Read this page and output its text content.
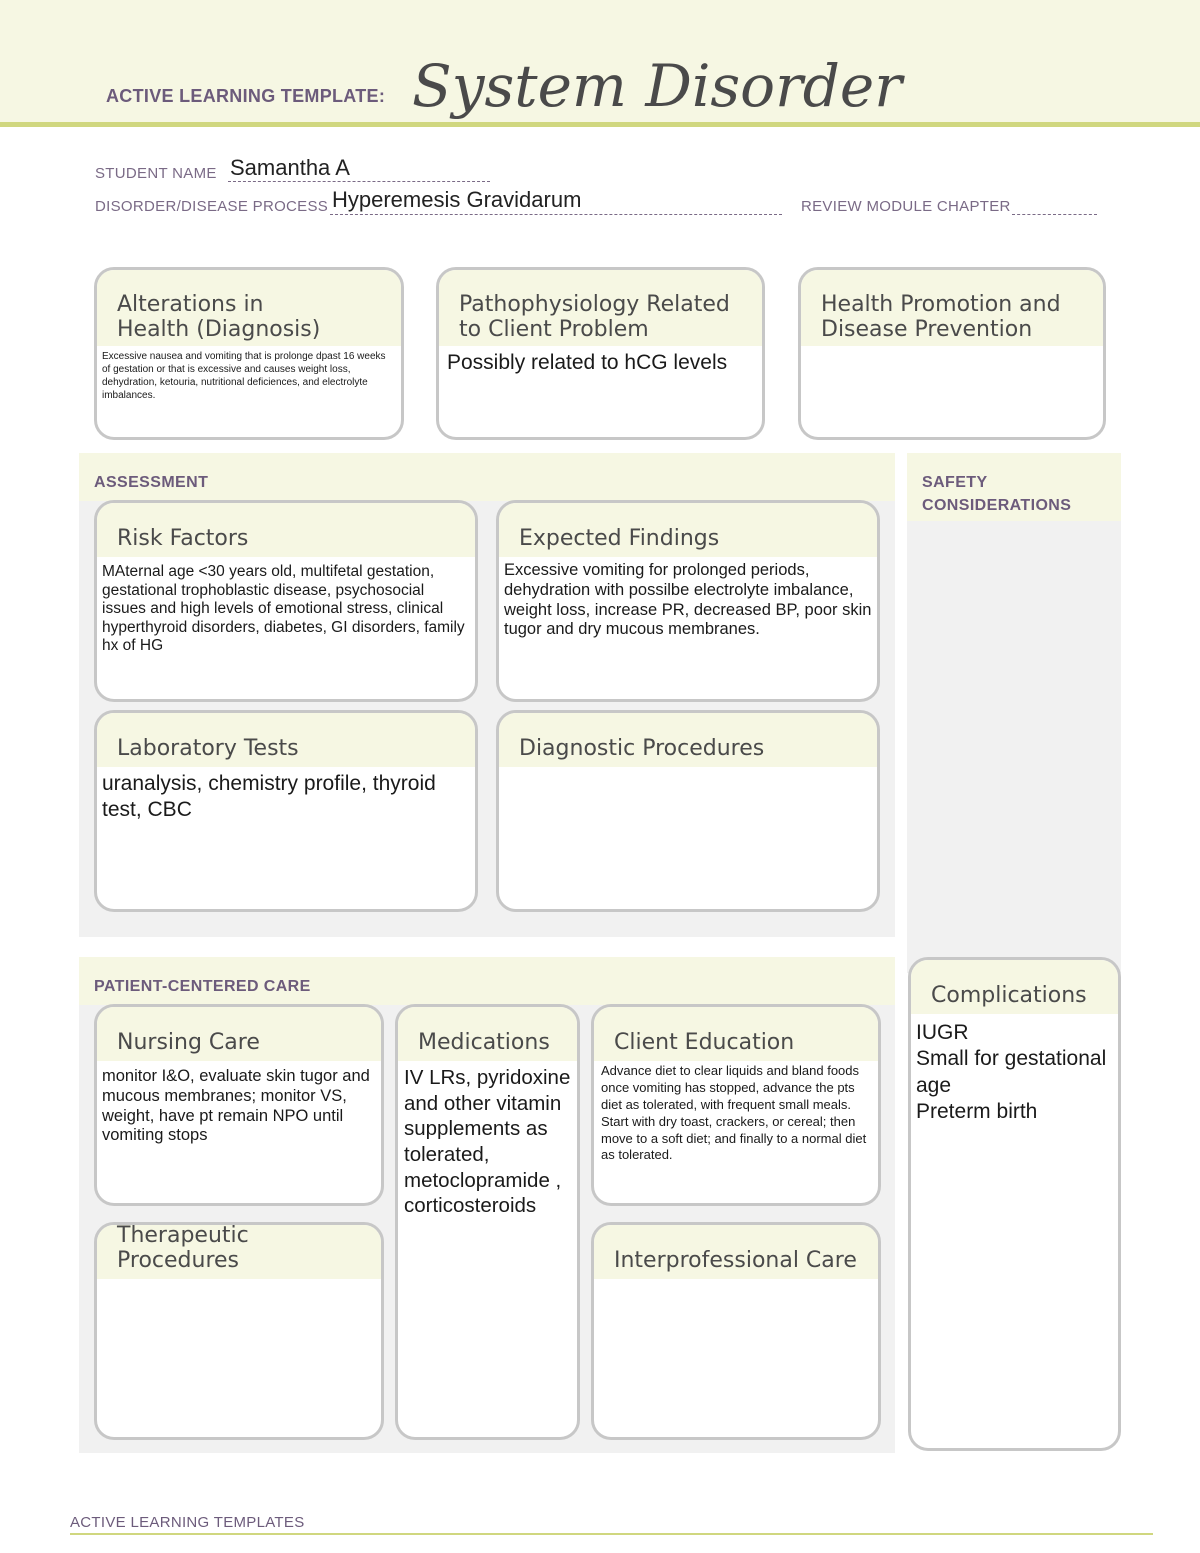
ACTIVE LEARNING TEMPLATE: System Disorder
STUDENT NAME Samantha A
DISORDER/DISEASE PROCESS Hyperemesis Gravidarum	REVIEW MODULE CHAPTER
Alterations in
Health (Diagnosis)
Excessive nausea and vomiting that is prolonge dpast 16 weeks of gestation or that is excessive and causes weight loss, dehydration, ketouria, nutritional deficiences, and electrolyte imbalances.
Pathophysiology Related
to Client Problem
Possibly related to hCG levels
Health Promotion and
Disease Prevention
ASSESSMENT
Risk Factors
MAternal age <30 years old, multifetal gestation, gestational trophoblastic disease, psychosocial issues and high levels of emotional stress, clinical hyperthyroid disorders, diabetes, GI disorders, family hx of HG
Expected Findings
Excessive vomiting for prolonged periods, dehydration with possilbe electrolyte imbalance, weight loss, increase PR, decreased BP, poor skin tugor and dry mucous membranes.
Laboratory Tests
uranalysis, chemistry profile, thyroid test, CBC
Diagnostic Procedures
SAFETY
CONSIDERATIONS
Complications
IUGR
Small for gestational age
Preterm birth
PATIENT-CENTERED CARE
Nursing Care
monitor I&O, evaluate skin tugor and mucous membranes; monitor VS, weight, have pt remain NPO until vomiting stops
Medications
IV LRs, pyridoxine and other vitamin supplements as tolerated, metoclopramide , corticosteroids
Client Education
Advance diet to clear liquids and bland foods once vomiting has stopped, advance the pts diet as tolerated, with frequent small meals. Start with dry toast, crackers, or cereal; then move to a soft diet; and finally to a normal diet as tolerated.
Therapeutic Procedures	Interprofessional Care
ACTIVE LEARNING TEMPLATES
